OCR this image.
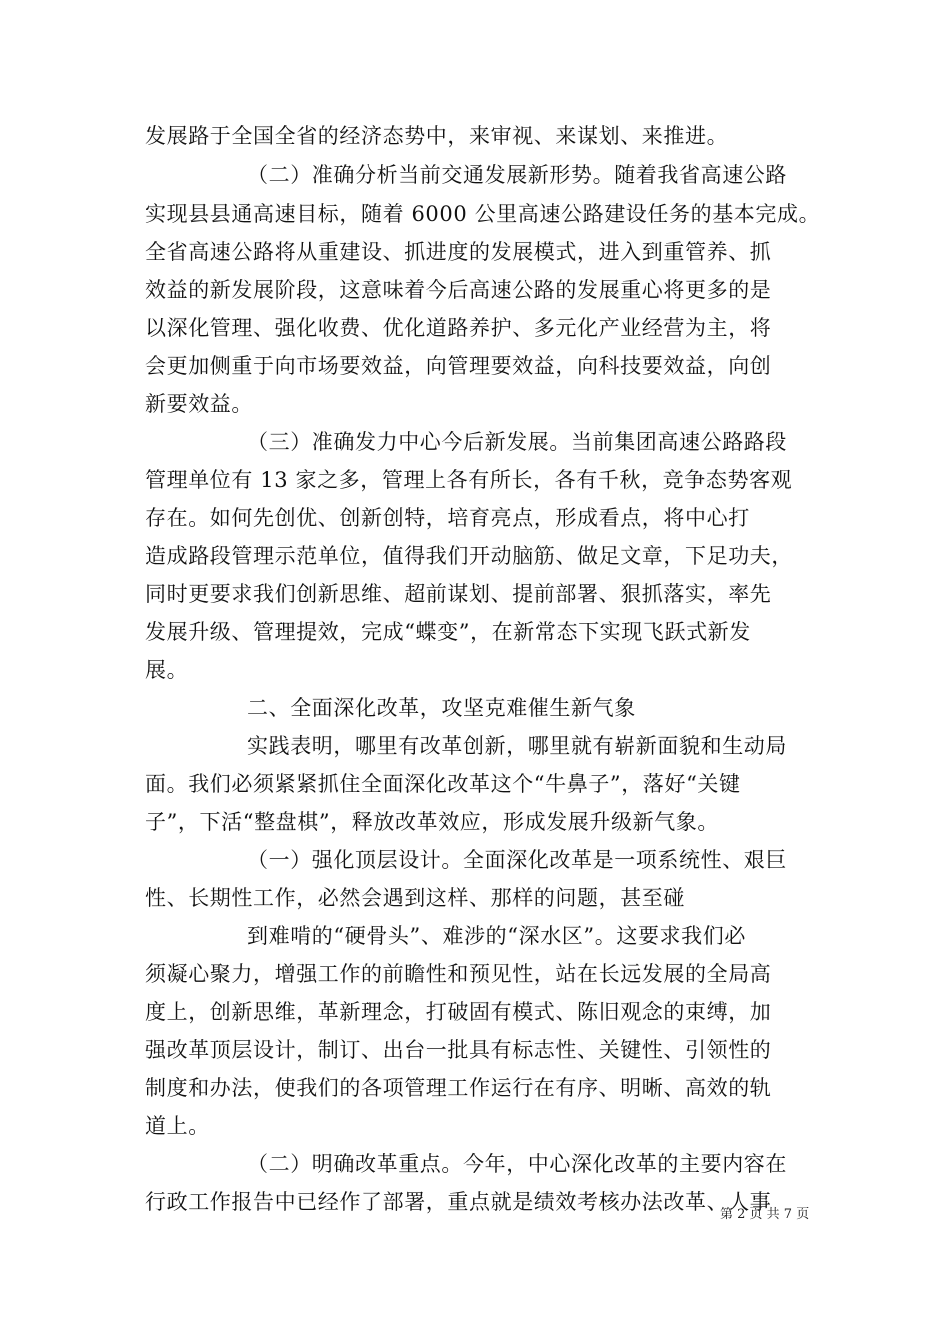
发展路于全国全省的经济态势中，来审视、来谋划、来推进。
（二）准确分析当前交通发展新形势。随着我省高速公路
实现县县通高速目标，随着 6000 公里高速公路建设任务的基本完成。
全省高速公路将从重建设、抓进度的发展模式，进入到重管养、抓
效益的新发展阶段，这意味着今后高速公路的发展重心将更多的是
以深化管理、强化收费、优化道路养护、多元化产业经营为主，将
会更加侧重于向市场要效益，向管理要效益，向科技要效益，向创
新要效益。
（三）准确发力中心今后新发展。当前集团高速公路路段
管理单位有 13 家之多，管理上各有所长，各有千秋，竞争态势客观
存在。如何先创优、创新创特，培育亮点，形成看点，将中心打
造成路段管理示范单位，值得我们开动脑筋、做足文章，下足功夫，
同时更要求我们创新思维、超前谋划、提前部署、狠抓落实，率先
发展升级、管理提效，完成“蝶变”，在新常态下实现飞跃式新发
展。
二、全面深化改革，攻坚克难催生新气象
实践表明，哪里有改革创新，哪里就有崭新面貌和生动局
面。我们必须紧紧抓住全面深化改革这个“牛鼻子”，落好“关键
子”，下活“整盘棋”，释放改革效应，形成发展升级新气象。
（一）强化顶层设计。全面深化改革是一项系统性、艰巨
性、长期性工作，必然会遇到这样、那样的问题，甚至碰
到难啃的“硬骨头”、难涉的“深水区”。这要求我们必
须凝心聚力，增强工作的前瞻性和预见性，站在长远发展的全局高
度上，创新思维，革新理念，打破固有模式、陈旧观念的束缚，加
强改革顶层设计，制订、出台一批具有标志性、关键性、引领性的
制度和办法，使我们的各项管理工作运行在有序、明晰、高效的轨
道上。
（二）明确改革重点。今年，中心深化改革的主要内容在
行政工作报告中已经作了部署，重点就是绩效考核办法改革、人事
第 2 页 共 7 页
